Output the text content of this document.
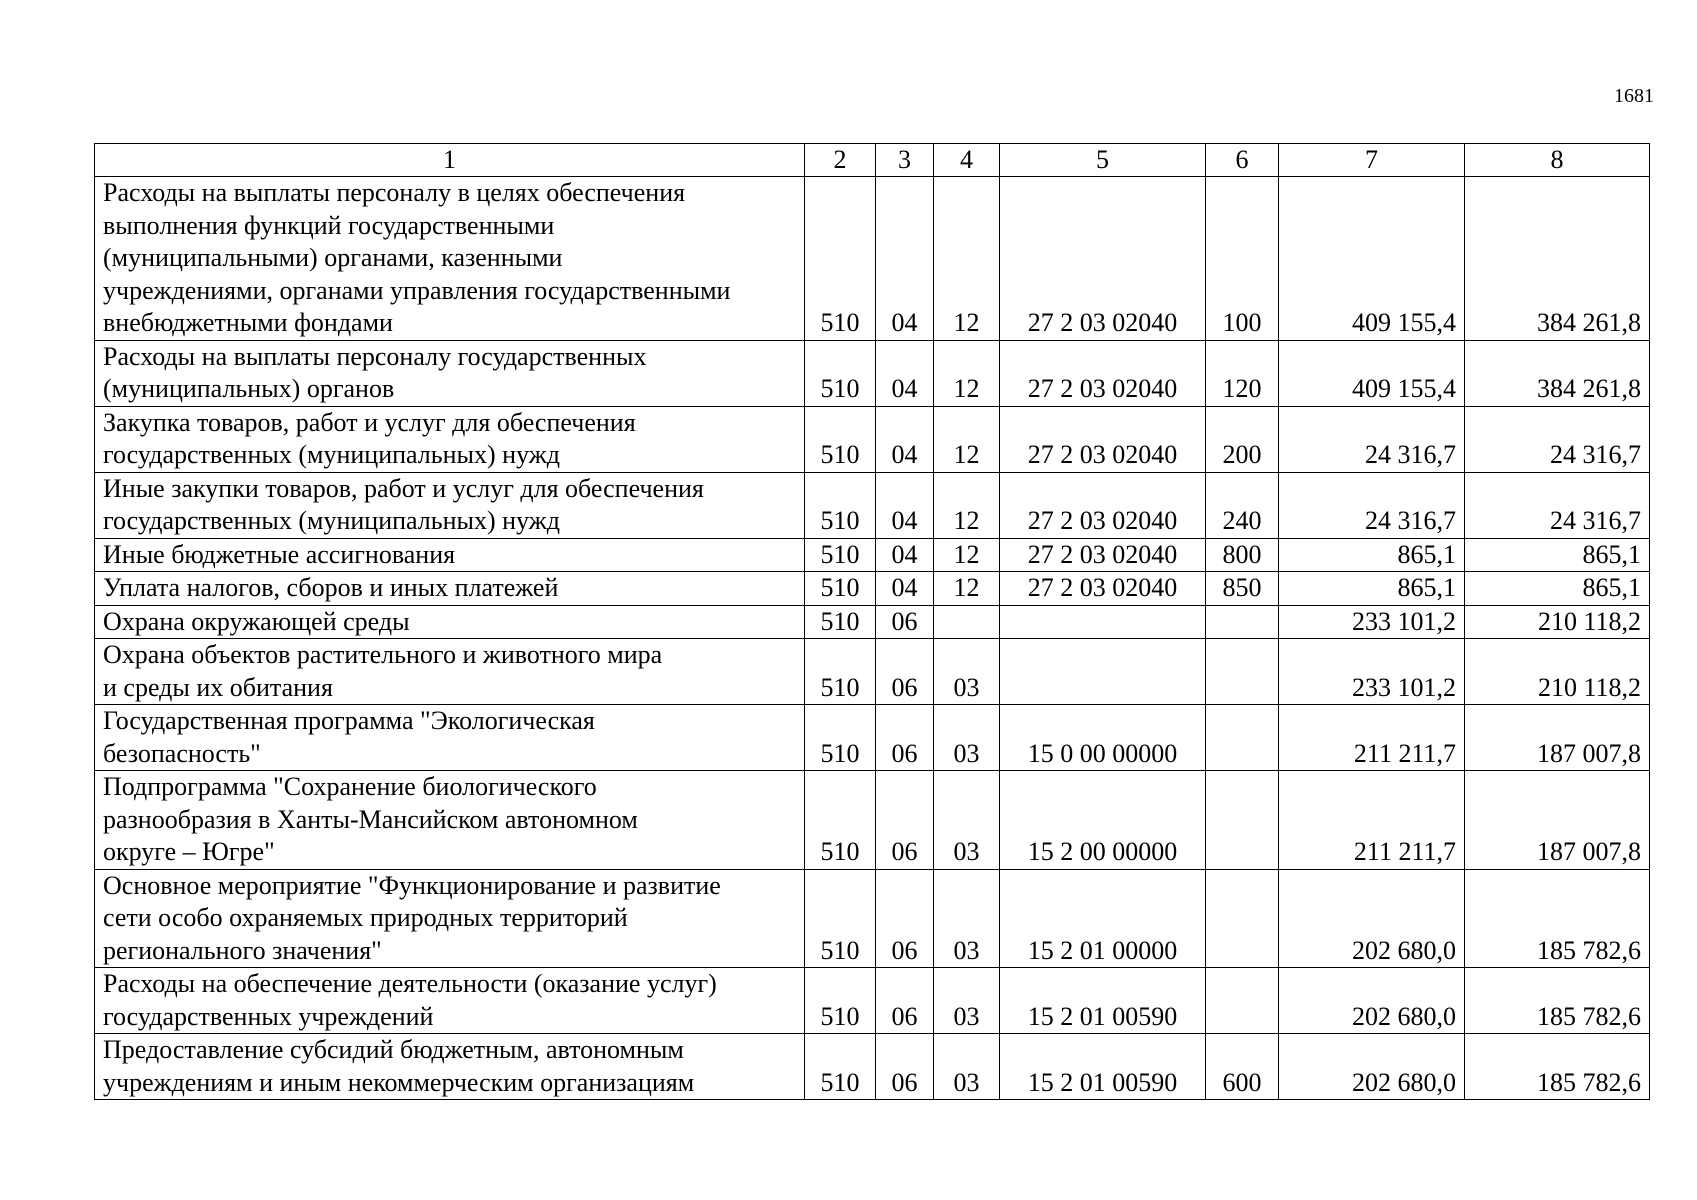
1681
1	2	3	4	5	6	7	8
Расходы на выплаты персоналу в целях обеспечения
выполнения функций государственными
(муниципальными) органами, казенными
учреждениями, органами управления государственными
внебюджетными фондами	510	04	12	27 2 03 02040	100	409 155,4	384 261,8
Расходы на выплаты персоналу государственных
(муниципальных) органов	510	04	12	27 2 03 02040	120	409 155,4	384 261,8
Закупка товаров, работ и услуг для обеспечения
государственных (муниципальных) нужд	510	04	12	27 2 03 02040	200	24 316,7	24 316,7
Иные закупки товаров, работ и услуг для обеспечения
государственных (муниципальных) нужд	510	04	12	27 2 03 02040	240	24 316,7	24 316,7
Иные бюджетные ассигнования	510	04	12	27 2 03 02040	800	865,1	865,1
Уплата налогов, сборов и иных платежей	510	04	12	27 2 03 02040	850	865,1	865,1
Охрана окружающей среды	510	06				233 101,2	210 118,2
Охрана объектов растительного и животного мира
и среды их обитания	510	06	03			233 101,2	210 118,2
Государственная программа "Экологическая
безопасность"	510	06	03	15 0 00 00000		211 211,7	187 007,8
Подпрограмма "Сохранение биологического
разнообразия в Ханты-Мансийском автономном
округе – Югре"	510	06	03	15 2 00 00000		211 211,7	187 007,8
Основное мероприятие "Функционирование и развитие
сети особо охраняемых природных территорий
регионального значения"	510	06	03	15 2 01 00000		202 680,0	185 782,6
Расходы на обеспечение деятельности (оказание услуг)
государственных учреждений	510	06	03	15 2 01 00590		202 680,0	185 782,6
Предоставление субсидий бюджетным, автономным
учреждениям и иным некоммерческим организациям	510	06	03	15 2 01 00590	600	202 680,0	185 782,6
